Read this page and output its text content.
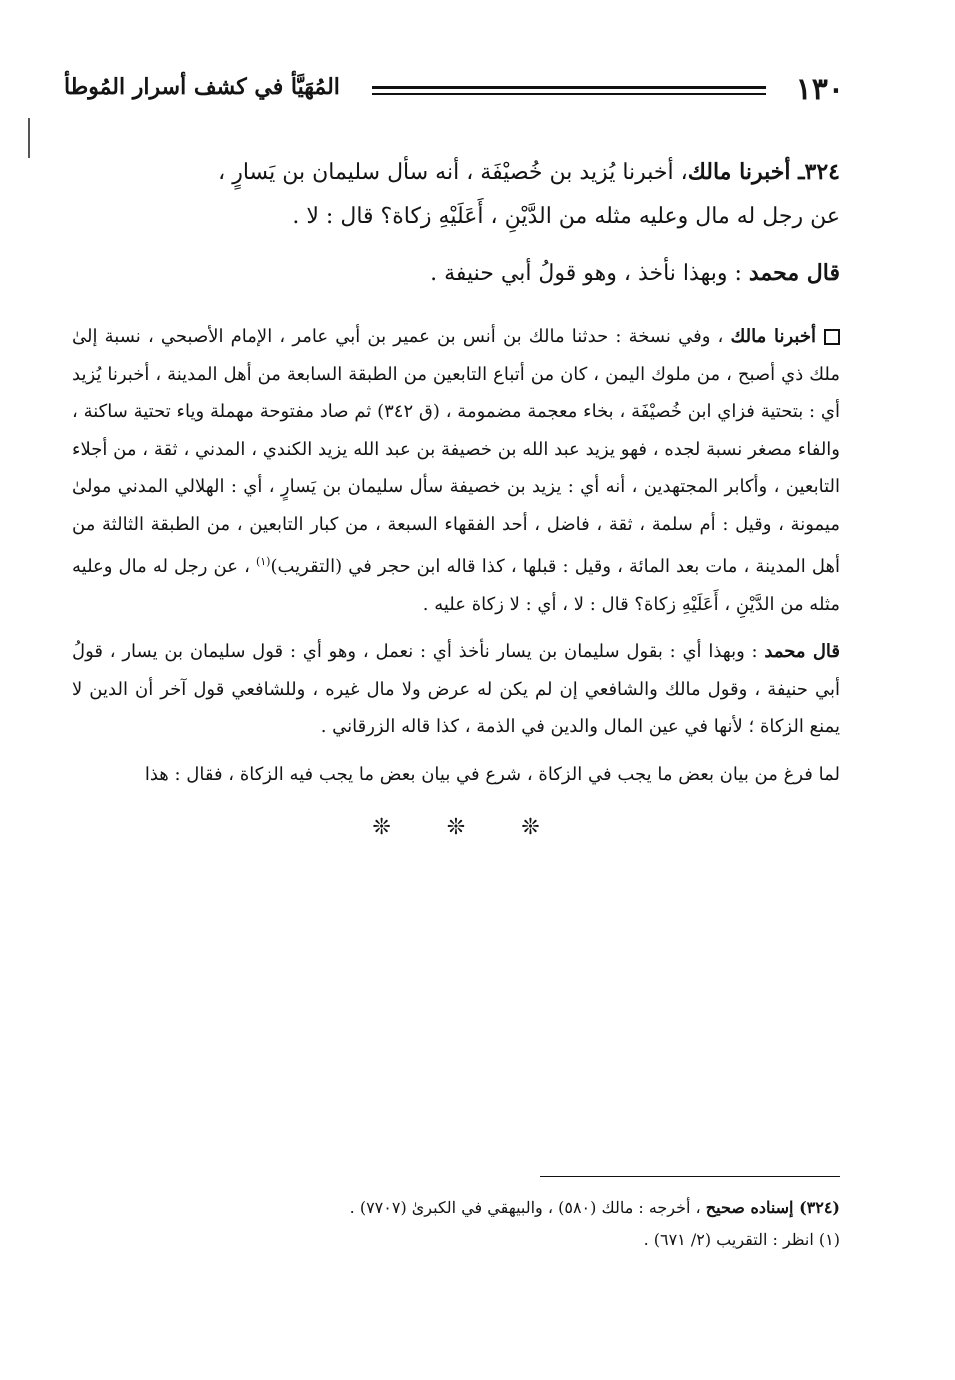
١٣٠
المُهَيَّأ في كشف أسرار المُوطأ

٣٢٤ـ أخبرنا مالك، أخبرنا يُزيد بن خُصيْفَة ، أنه سأل سليمان بن يَسارٍ ،
عن رجل له مال وعليه مثله من الدَّيْنِ ، أَعَلَيْهِ زكاة؟ قال : لا .

قال محمد : وبهذا نأخذ ، وهو قولُ أبي حنيفة .

أخبرنا مالك ، وفي نسخة : حدثنا مالك بن أنس بن عمير بن أبي عامر ، الإمام الأصبحي ، نسبة إلىٰ ملك ذي أصبح ، من ملوك اليمن ، كان من أتباع التابعين من الطبقة السابعة من أهل المدينة ، أخبرنا يُزيد أي : بتحتية فزاي ابن خُصيْفَة ، بخاء معجمة مضمومة ، (ق ٣٤٢) ثم صاد مفتوحة مهملة وياء تحتية ساكنة ، والفاء مصغر نسبة لجده ، فهو يزيد عبد الله بن خصيفة بن عبد الله يزيد الكندي ، المدني ، ثقة ، من أجلاء التابعين ، وأكابر المجتهدين ، أنه أي : يزيد بن خصيفة سأل سليمان بن يَسارٍ ، أي : الهلالي المدني مولىٰ ميمونة ، وقيل : أم سلمة ، ثقة ، فاضل ، أحد الفقهاء السبعة ، من كبار التابعين ، من الطبقة الثالثة من أهل المدينة ، مات بعد المائة ، وقيل : قبلها ، كذا قاله ابن حجر في (التقريب)$^{(١)}$ ، عن رجل له مال وعليه مثله من الدَّيْنِ ، أَعَلَيْهِ زكاة؟ قال : لا ، أي : لا زكاة عليه .

قال محمد : وبهذا أي : بقول سليمان بن يسار نأخذ أي : نعمل ، وهو أي : قول سليمان بن يسار ، قولُ أبي حنيفة ، وقول مالك والشافعي إن لم يكن له عرض ولا مال غيره ، وللشافعي قول آخر أن الدين لا يمنع الزكاة ؛ لأنها في عين المال والدين في الذمة ، كذا قاله الزرقاني .

لما فرغ من بيان بعض ما يجب في الزكاة ، شرع في بيان بعض ما يجب فيه الزكاة ، فقال : هذا

❊❊❊
(٣٢٤) إسناده صحيح ، أخرجه : مالك (٥٨٠) ، والبيهقي في الكبرىٰ (٧٧٠٧) .
(١) انظر : التقريب (٢/ ٦٧١) .
